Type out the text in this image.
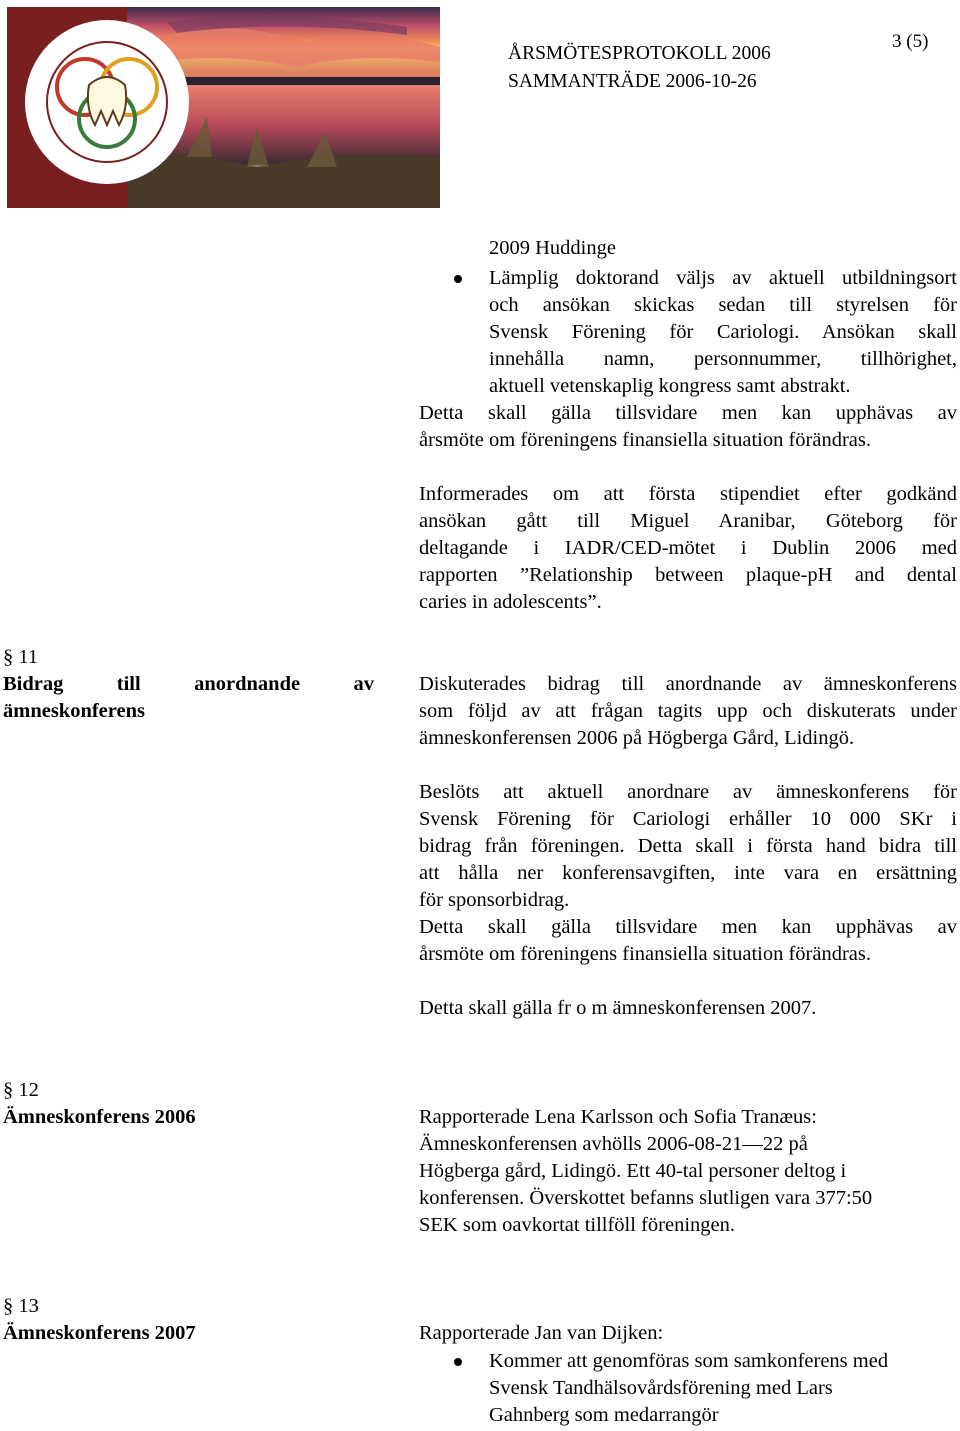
ÅRSMÖTESPROTOKOLL 2006
SAMMANTRÄDE 2006-10-26
3 (5)
2009 Huddinge
Lämplig doktorand väljs av aktuell utbildningsort
och ansökan skickas sedan till styrelsen för
Svensk Förening för Cariologi. Ansökan skall
innehålla namn, personnummer, tillhörighet,
aktuell vetenskaplig kongress samt abstrakt.
Detta skall gälla tillsvidare men kan upphävas av
årsmöte om föreningens finansiella situation förändras.
Informerades om att första stipendiet efter godkänd
ansökan gått till Miguel Aranibar, Göteborg för
deltagande i IADR/CED-mötet i Dublin 2006 med
rapporten ”Relationship between plaque-pH and dental
caries in adolescents”.
§ 11
Bidrag till anordnande av
ämneskonferens
Diskuterades bidrag till anordnande av ämneskonferens
som följd av att frågan tagits upp och diskuterats under
ämneskonferensen 2006 på Högberga Gård, Lidingö.
Beslöts att aktuell anordnare av ämneskonferens för
Svensk Förening för Cariologi erhåller 10 000 SKr i
bidrag från föreningen. Detta skall i första hand bidra till
att hålla ner konferensavgiften, inte vara en ersättning
för sponsorbidrag.
Detta skall gälla tillsvidare men kan upphävas av
årsmöte om föreningens finansiella situation förändras.
Detta skall gälla fr o m ämneskonferensen 2007.
§ 12
Ämneskonferens 2006	Rapporterade Lena Karlsson och Sofia Tranæus:
Ämneskonferensen avhölls 2006-08-21—22 på
Högberga gård, Lidingö. Ett 40-tal personer deltog i
konferensen. Överskottet befanns slutligen vara 377:50
SEK som oavkortat tillföll föreningen.
§ 13
Ämneskonferens 2007	Rapporterade Jan van Dijken:
Kommer att genomföras som samkonferens med
Svensk Tandhälsovårdsförening med Lars
Gahnberg som medarrangör
